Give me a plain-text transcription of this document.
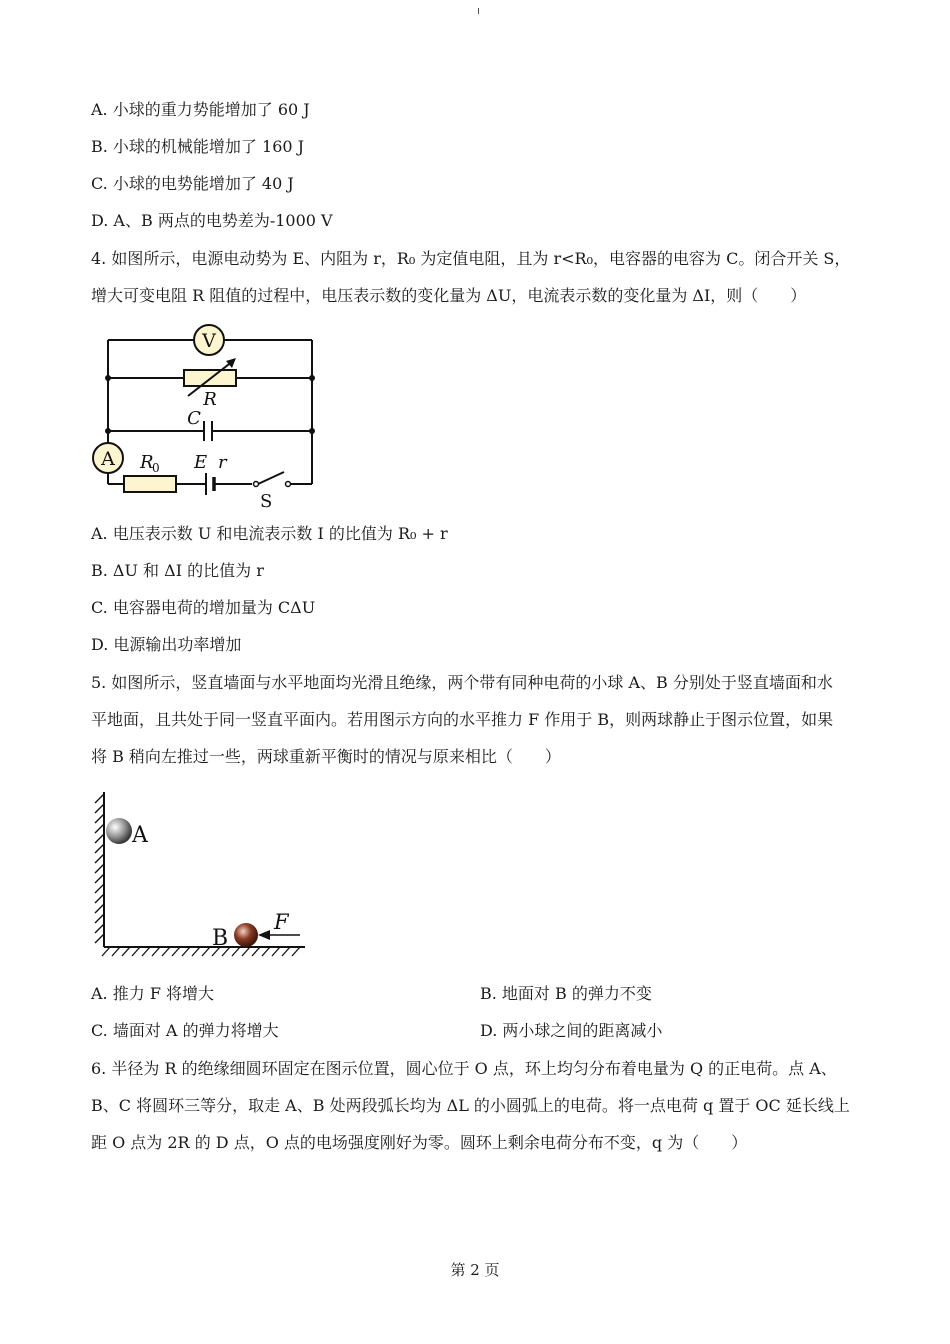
A. 小球的重力势能增加了 60 J
B. 小球的机械能增加了 160 J
C. 小球的电势能增加了 40 J
D. A、B 两点的电势差为-1000 V
4. 如图所示，电源电动势为 E、内阻为 r，R₀ 为定值电阻，且为 r<R₀，电容器的电容为 C。闭合开关 S，
增大可变电阻 R 阻值的过程中，电压表示数的变化量为 ΔU，电流表示数的变化量为 ΔI，则（　　）
V
R
C
A R
0 E r
S
A. 电压表示数 U 和电流表示数 I 的比值为 R₀ + r
B. ΔU 和 ΔI 的比值为 r
C. 电容器电荷的增加量为 CΔU
D. 电源输出功率增加
5. 如图所示，竖直墙面与水平地面均光滑且绝缘，两个带有同种电荷的小球 A、B 分别处于竖直墙面和水
平地面，且共处于同一竖直平面内。若用图示方向的水平推力 F 作用于 B，则两球静止于图示位置，如果
将 B 稍向左推过一些，两球重新平衡时的情况与原来相比（　　）
A
B
F
A. 推力 F 将增大	B. 地面对 B 的弹力不变
C. 墙面对 A 的弹力将增大	D. 两小球之间的距离减小
6. 半径为 R 的绝缘细圆环固定在图示位置，圆心位于 O 点，环上均匀分布着电量为 Q 的正电荷。点 A、
B、C 将圆环三等分，取走 A、B 处两段弧长均为 ΔL 的小圆弧上的电荷。将一点电荷 q 置于 OC 延长线上
距 O 点为 2R 的 D 点，O 点的电场强度刚好为零。圆环上剩余电荷分布不变，q 为（　　）
第 2 页
